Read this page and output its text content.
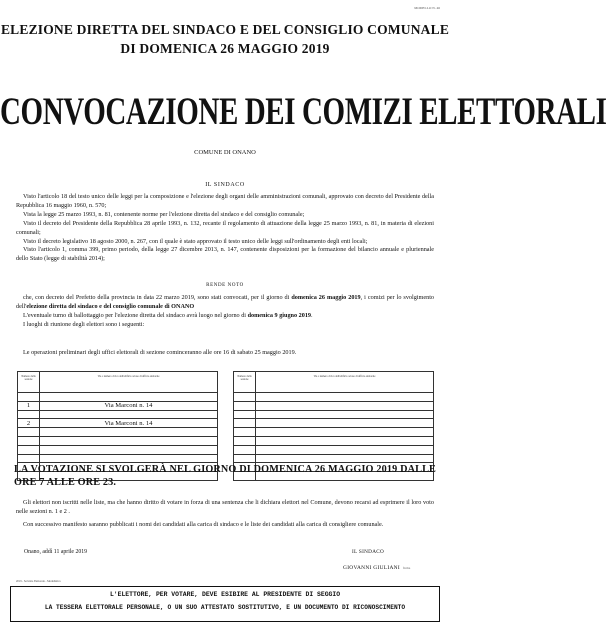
MODELLO N. 46
ELEZIONE DIRETTA DEL SINDACO E DEL CONSIGLIO COMUNALE
DI DOMENICA 26 MAGGIO 2019
CONVOCAZIONE DEI COMIZI ELETTORALI
COMUNE DI ONANO
IL SINDACO

Visto l'articolo 18 del testo unico delle leggi per la composizione e l'elezione degli organi delle amministrazioni comunali, approvato con decreto del Presidente della Repubblica 16 maggio 1960, n. 570;

Vista la legge 25 marzo 1993, n. 81, contenente norme per l'elezione diretta del sindaco e del consiglio comunale;

Visto il decreto del Presidente della Repubblica 28 aprile 1993, n. 132, recante il regolamento di attuazione della legge 25 marzo 1993, n. 81, in materia di elezioni comunali;

Visto il decreto legislativo 18 agosto 2000, n. 267, con il quale è stato approvato il testo unico delle leggi sull'ordinamento degli enti locali;

Visto l'articolo 1, comma 399, primo periodo, della legge 27 dicembre 2013, n. 147, contenente disposizioni per la formazione del bilancio annuale e pluriennale dello Stato (legge di stabilità 2014);

RENDE NOTO

che, con decreto del Prefetto della provincia in data 22 marzo 2019, sono stati convocati, per il giorno di domenica 26 maggio 2019, i comizi per lo svolgimento dell'elezione diretta del sindaco e del consiglio comunale di ONANO

L'eventuale turno di ballottaggio per l'elezione diretta del sindaco avrà luogo nel giorno di domenica 9 giugno 2019.

I luoghi di riunione degli elettori sono i seguenti:

Le operazioni preliminari degli uffici elettorali di sezione cominceranno alle ore 16 di sabato 25 maggio 2019.
Numero della sezione	Via o numero civico dell'edificio ad uso di ufficio elettorale		Numero della sezione	Via o numero civico dell'edificio ad uso di ufficio elettorale

1	Via Marconi n. 14			

2	Via Marconi n. 14			

LA VOTAZIONE SI SVOLGERÀ NEL GIORNO DI DOMENICA 26 MAGGIO 2019 DALLE ORE 7 ALLE ORE 23.

Gli elettori non iscritti nelle liste, ma che hanno diritto di votare in forza di una sentenza che li dichiara elettori nel Comune, devono recarsi ad esprimere il loro voto nelle sezioni n. 1 e 2 .

Con successivo manifesto saranno pubblicati i nomi dei candidati alla carica di sindaco e le liste dei candidati alla carica di consigliere comunale.

Onano, addì 11 aprile 2019	IL SINDACO
GIOVANNI GIULIANI firma
2019 - Servizio Elettorale - Modulistica
L'ELETTORE, PER VOTARE, DEVE ESIBIRE AL PRESIDENTE DI SEGGIO
LA TESSERA ELETTORALE PERSONALE, O UN SUO ATTESTATO SOSTITUTIVO, E UN DOCUMENTO DI RICONOSCIMENTO
